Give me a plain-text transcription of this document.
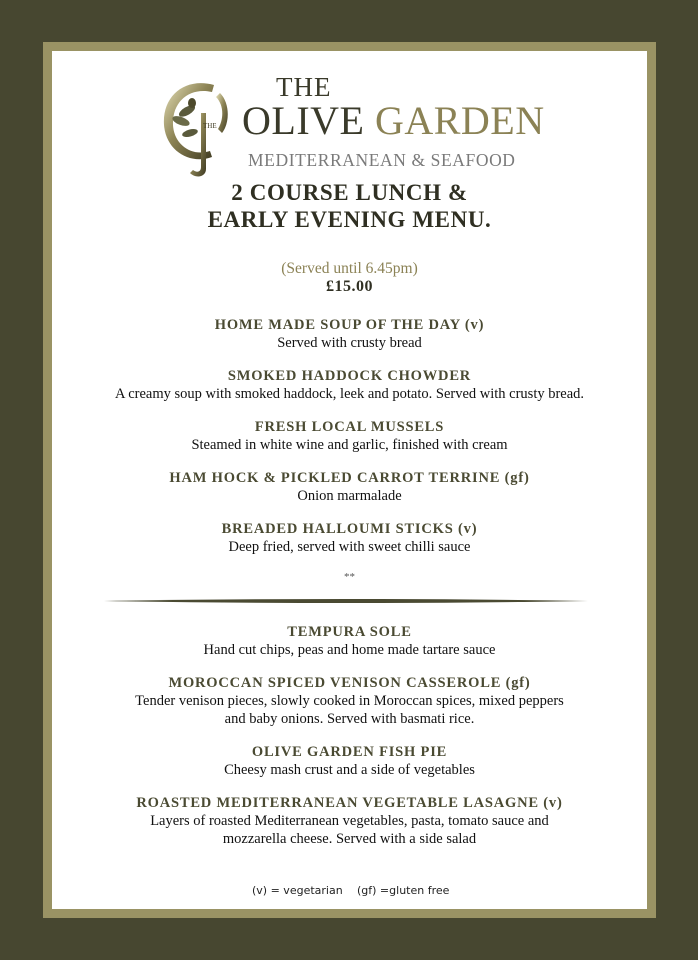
THE
THE
OLIVE GARDEN
MEDITERRANEAN & SEAFOOD
2 COURSE LUNCH &
EARLY EVENING MENU.
(Served until 6.45pm)
£15.00
HOME MADE SOUP OF THE DAY (v)
Served with crusty bread
SMOKED HADDOCK CHOWDER
A creamy soup with smoked haddock, leek and potato. Served with crusty bread.
FRESH LOCAL MUSSELS
Steamed in white wine and garlic, finished with cream
HAM HOCK & PICKLED CARROT TERRINE (gf)
Onion marmalade
BREADED HALLOUMI STICKS (v)
Deep fried, served with sweet chilli sauce
**
TEMPURA SOLE
Hand cut chips, peas and home made tartare sauce
MOROCCAN SPICED VENISON CASSEROLE (gf)
Tender venison pieces, slowly cooked in Moroccan spices, mixed peppers
and baby onions. Served with basmati rice.
OLIVE GARDEN FISH PIE
Cheesy mash crust and a side of vegetables
ROASTED MEDITERRANEAN VEGETABLE LASAGNE (v)
Layers of roasted Mediterranean vegetables, pasta, tomato sauce and
mozzarella cheese. Served with a side salad
(v) = vegetarian (gf) =gluten free
